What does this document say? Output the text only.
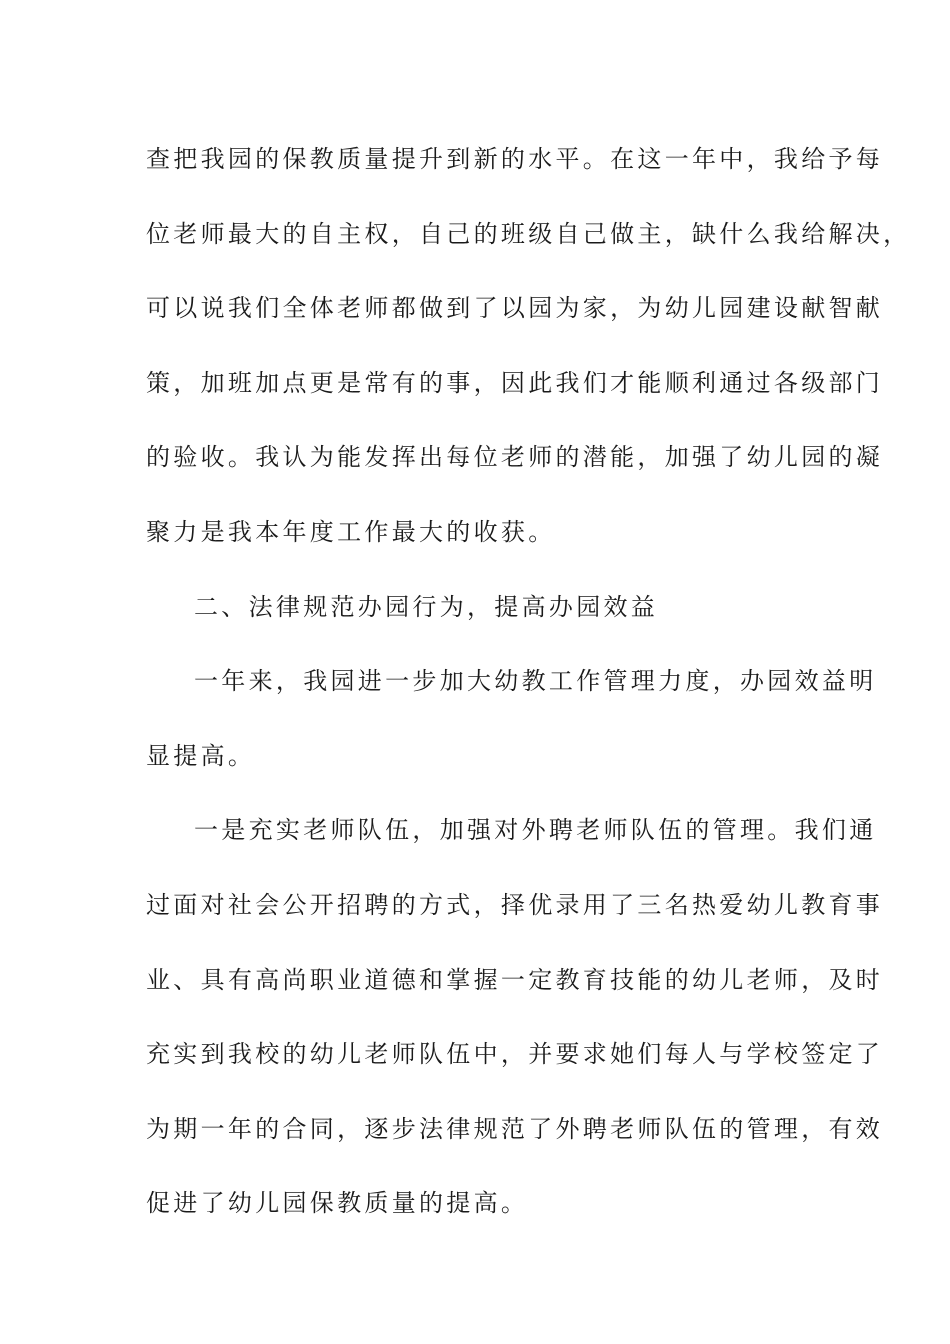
查把我园的保教质量提升到新的水平。在这一年中，我给予每

位老师最大的自主权，自己的班级自己做主，缺什么我给解决，

可以说我们全体老师都做到了以园为家，为幼儿园建设献智献

策，加班加点更是常有的事，因此我们才能顺利通过各级部门

的验收。我认为能发挥出每位老师的潜能，加强了幼儿园的凝

聚力是我本年度工作最大的收获。

二、法律规范办园行为，提高办园效益

一年来，我园进一步加大幼教工作管理力度，办园效益明

显提高。

一是充实老师队伍，加强对外聘老师队伍的管理。我们通

过面对社会公开招聘的方式，择优录用了三名热爱幼儿教育事

业、具有高尚职业道德和掌握一定教育技能的幼儿老师，及时

充实到我校的幼儿老师队伍中，并要求她们每人与学校签定了

为期一年的合同，逐步法律规范了外聘老师队伍的管理，有效

促进了幼儿园保教质量的提高。
